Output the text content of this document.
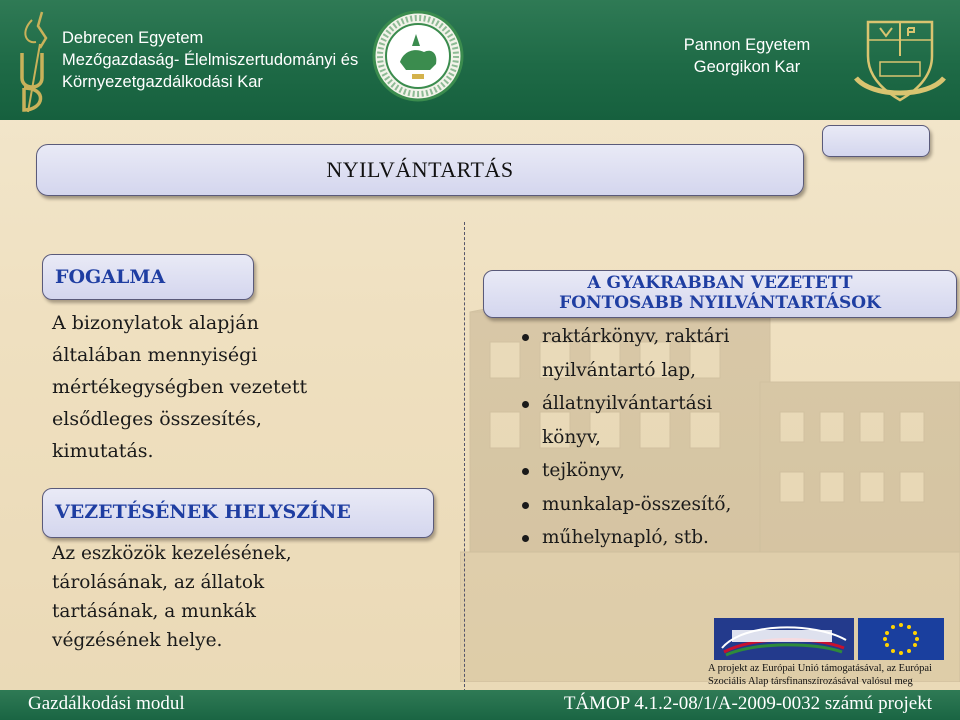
Debrecen Egyetem
Mezőgazdaság- Élelmiszertudományi és
Környezetgazdálkodási Kar
Pannon Egyetem
Georgikon Kar
NYILVÁNTARTÁS
FOGALMA
A bizonylatok alapján
általában mennyiségi
mértékegységben vezetett
elsődleges összesítés,
kimutatás.
VEZETÉSÉNEK HELYSZÍNE
Az eszközök kezelésének,
tárolásának, az állatok
tartásának, a munkák
végzésének helye.
A GYAKRABBAN VEZETETT
FONTOSABB NYILVÁNTARTÁSOK
raktárkönyv, raktári
nyilvántartó lap,
állatnyilvántartási
könyv,
tejkönyv,
munkalap-összesítő,
műhelynapló, stb.
A projekt az Európai Unió támogatásával, az Európai
Szociális Alap társfinanszírozásával valósul meg
Gazdálkodási modul	TÁMOP 4.1.2-08/1/A-2009-0032 számú projekt
